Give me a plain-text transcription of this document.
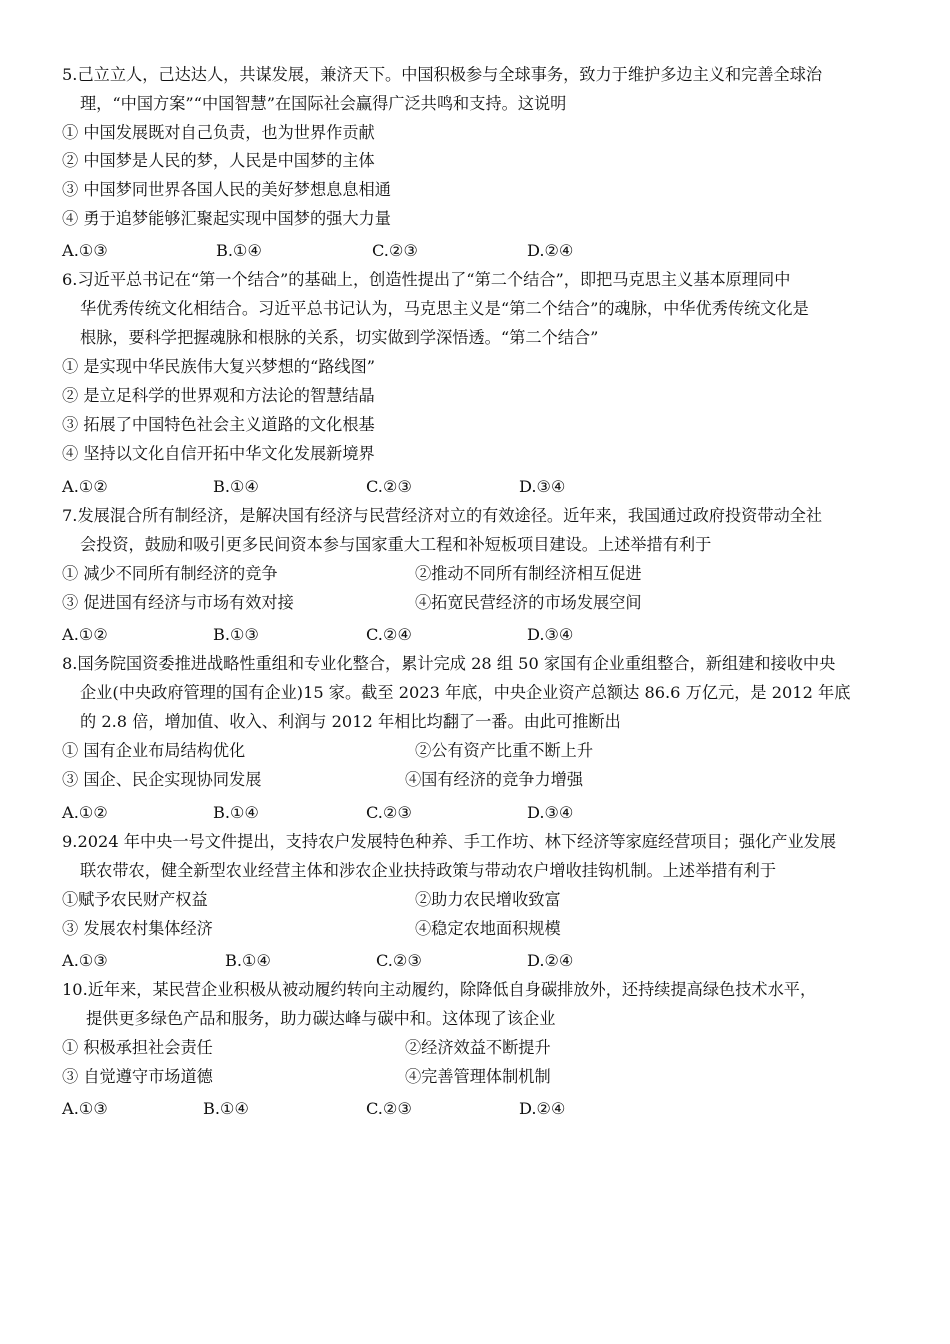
5.己立立人，己达达人，共谋发展，兼济天下。中国积极参与全球事务，致力于维护多边主义和完善全球治
理，“中国方案”“中国智慧”在国际社会赢得广泛共鸣和支持。这说明
① 中国发展既对自己负责，也为世界作贡献
② 中国梦是人民的梦，人民是中国梦的主体
③ 中国梦同世界各国人民的美好梦想息息相通
④ 勇于追梦能够汇聚起实现中国梦的强大力量
A.①③	B.①④	C.②③	D.②④
6.习近平总书记在“第一个结合”的基础上，创造性提出了“第二个结合”，即把马克思主义基本原理同中
华优秀传统文化相结合。习近平总书记认为，马克思主义是“第二个结合”的魂脉，中华优秀传统文化是
根脉，要科学把握魂脉和根脉的关系，切实做到学深悟透。“第二个结合”
① 是实现中华民族伟大复兴梦想的“路线图”
② 是立足科学的世界观和方法论的智慧结晶
③ 拓展了中国特色社会主义道路的文化根基
④ 坚持以文化自信开拓中华文化发展新境界
A.①②	B.①④	C.②③	D.③④
7.发展混合所有制经济，是解决国有经济与民营经济对立的有效途径。近年来，我国通过政府投资带动全社
会投资，鼓励和吸引更多民间资本参与国家重大工程和补短板项目建设。上述举措有利于
① 减少不同所有制经济的竞争	②推动不同所有制经济相互促进
③ 促进国有经济与市场有效对接	④拓宽民营经济的市场发展空间
A.①②	B.①③	C.②④	D.③④
8.国务院国资委推进战略性重组和专业化整合，累计完成 28 组 50 家国有企业重组整合，新组建和接收中央
企业(中央政府管理的国有企业)15 家。截至 2023 年底，中央企业资产总额达 86.6 万亿元，是 2012 年底
的 2.8 倍，增加值、收入、利润与 2012 年相比均翻了一番。由此可推断出
① 国有企业布局结构优化	②公有资产比重不断上升
③ 国企、民企实现协同发展	④国有经济的竞争力增强
A.①②	B.①④	C.②③	D.③④
9.2024 年中央一号文件提出，支持农户发展特色种养、手工作坊、林下经济等家庭经营项目；强化产业发展
联农带农，健全新型农业经营主体和涉农企业扶持政策与带动农户增收挂钩机制。上述举措有利于
①赋予农民财产权益	②助力农民增收致富
③ 发展农村集体经济	④稳定农地面积规模
A.①③	B.①④	C.②③	D.②④
10.近年来，某民营企业积极从被动履约转向主动履约，除降低自身碳排放外，还持续提高绿色技术水平，
提供更多绿色产品和服务，助力碳达峰与碳中和。这体现了该企业
① 积极承担社会责任	②经济效益不断提升
③ 自觉遵守市场道德	④完善管理体制机制
A.①③	B.①④	C.②③	D.②④
